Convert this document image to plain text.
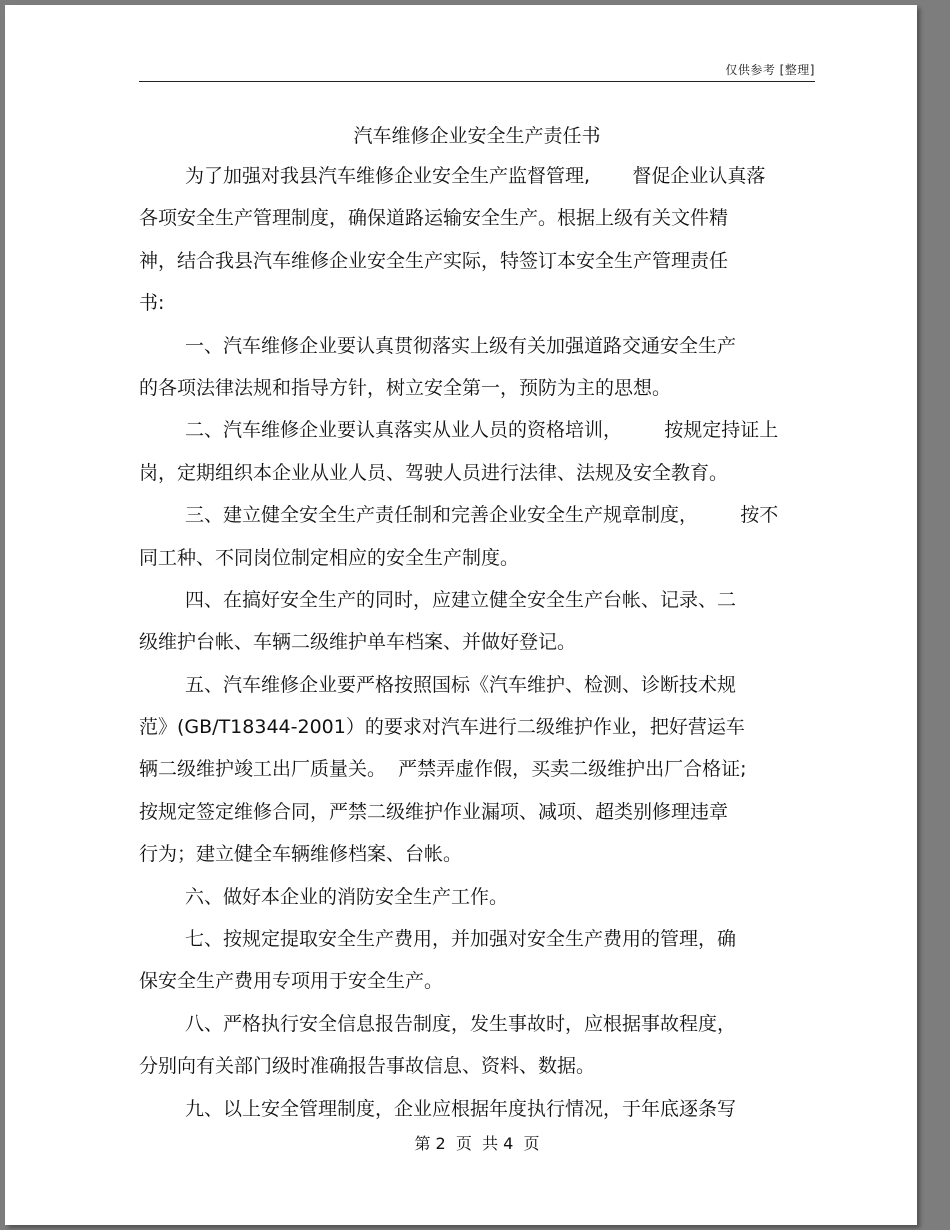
仅供参考 [整理]
汽车维修企业安全生产责任书
为了加强对我县汽车维修企业安全生产监督管理,       督促企业认真落
各项安全生产管理制度，确保道路运输安全生产。根据上级有关文件精
神，结合我县汽车维修企业安全生产实际，特签订本安全生产管理责任
书:
一、汽车维修企业要认真贯彻落实上级有关加强道路交通安全生产
的各项法律法规和指导方针，树立安全第一，预防为主的思想。
二、汽车维修企业要认真落实从业人员的资格培训，       按规定持证上
岗，定期组织本企业从业人员、驾驶人员进行法律、法规及安全教育。
三、建立健全安全生产责任制和完善企业安全生产规章制度，       按不
同工种、不同岗位制定相应的安全生产制度。
四、在搞好安全生产的同时，应建立健全安全生产台帐、记录、二
级维护台帐、车辆二级维护单车档案、并做好登记。
五、汽车维修企业要严格按照国标《汽车维护、检测、诊断技术规
范》(GB/T18344-2001）的要求对汽车进行二级维护作业，把好营运车
辆二级维护竣工出厂质量关。  严禁弄虚作假，买卖二级维护出厂合格证;
按规定签定维修合同，严禁二级维护作业漏项、减项、超类别修理违章
行为；建立健全车辆维修档案、台帐。
六、做好本企业的消防安全生产工作。
七、按规定提取安全生产费用，并加强对安全生产费用的管理，确
保安全生产费用专项用于安全生产。
八、严格执行安全信息报告制度，发生事故时，应根据事故程度，
分别向有关部门级时准确报告事故信息、资料、数据。
九、以上安全管理制度，企业应根据年度执行情况，于年底逐条写
第 2  页  共 4  页
